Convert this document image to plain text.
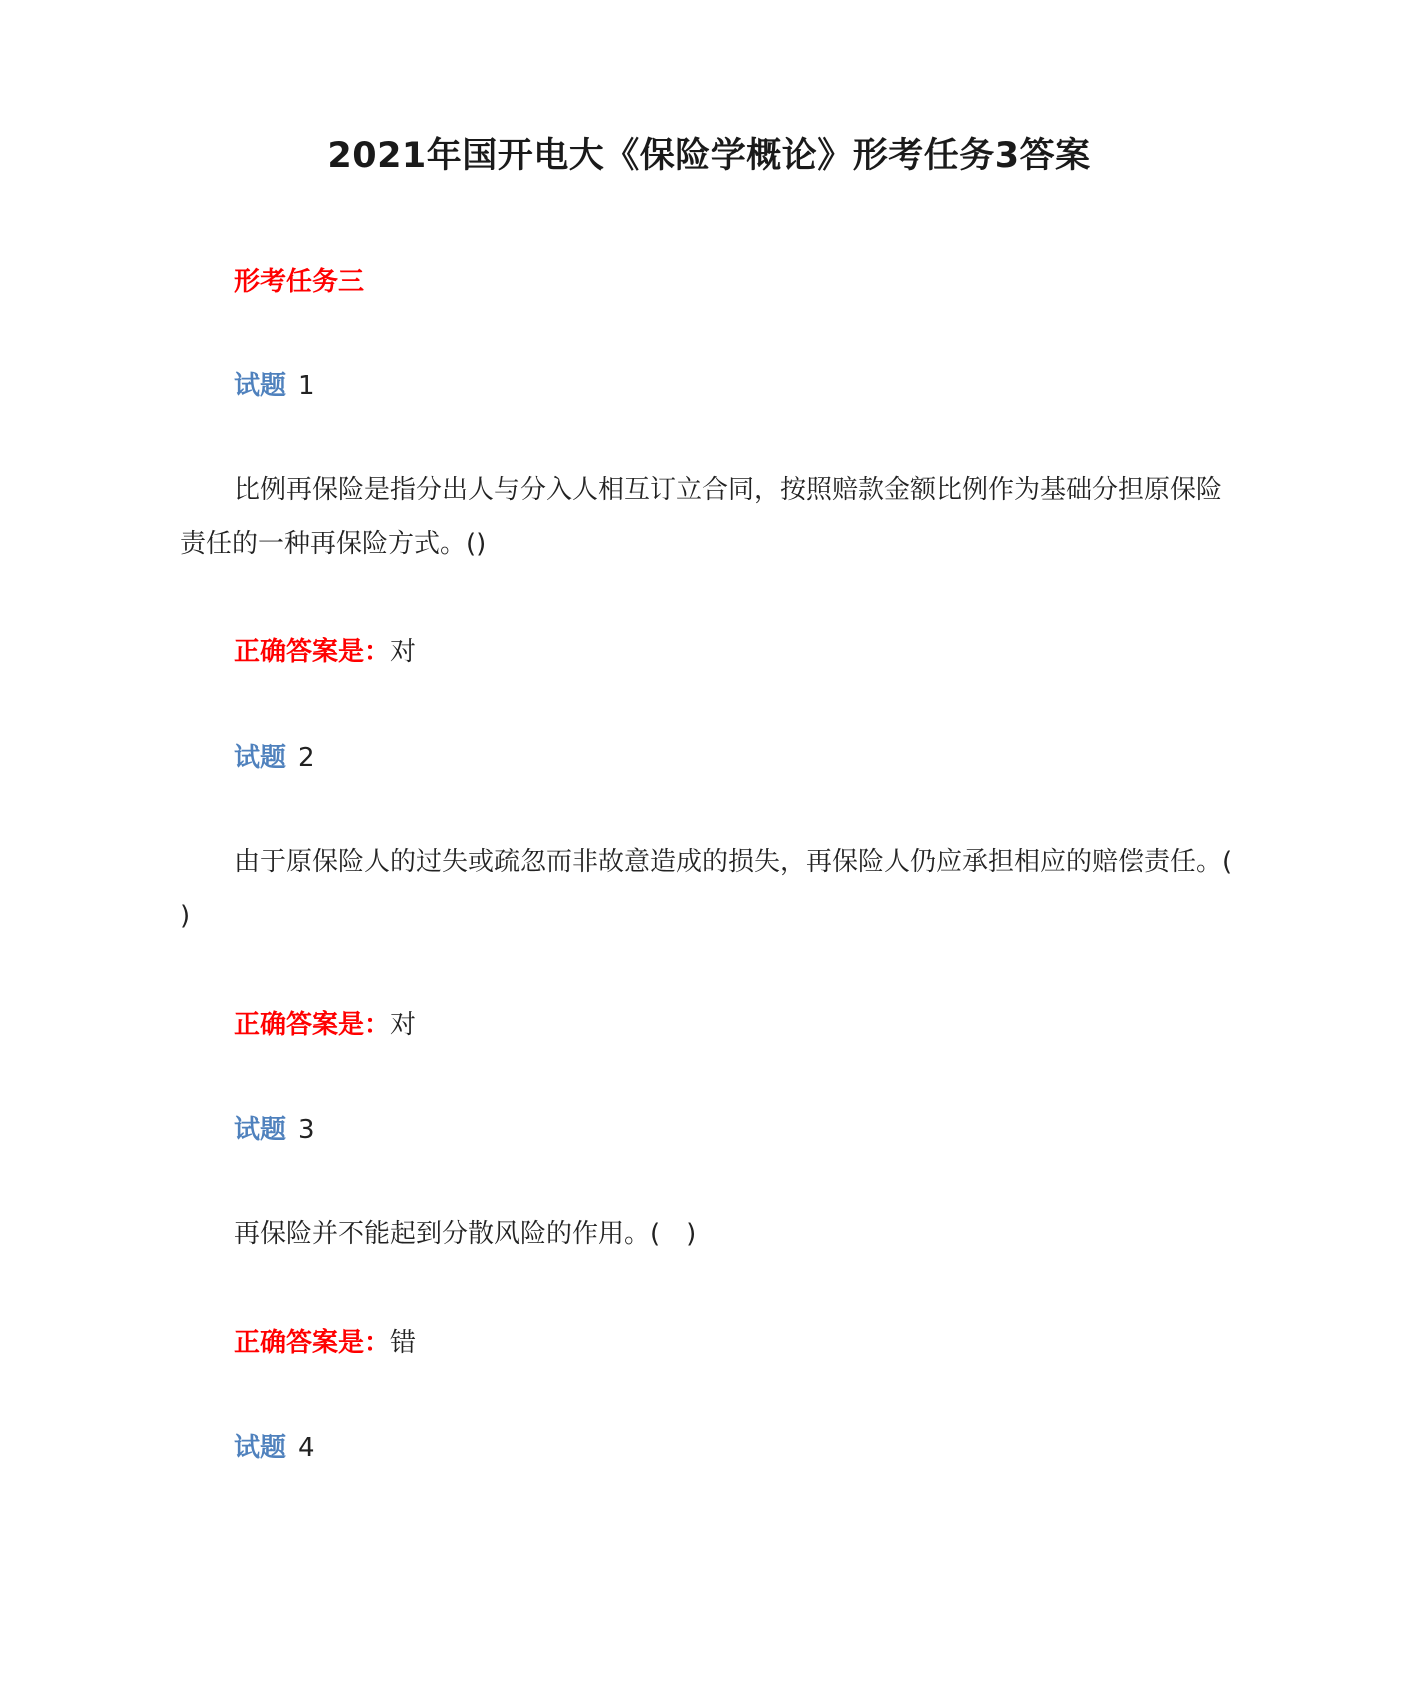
2021年国开电大《保险学概论》形考任务3答案
形考任务三
试题 1

比例再保险是指分出人与分入人相互订立合同，按照赔款金额比例作为基础分担原保险责任的一种再保险方式。()

正确答案是：对
试题 2

由于原保险人的过失或疏忽而非故意造成的损失，再保险人仍应承担相应的赔偿责任。( )

正确答案是：对
试题 3

再保险并不能起到分散风险的作用。(　)

正确答案是：错
试题 4
